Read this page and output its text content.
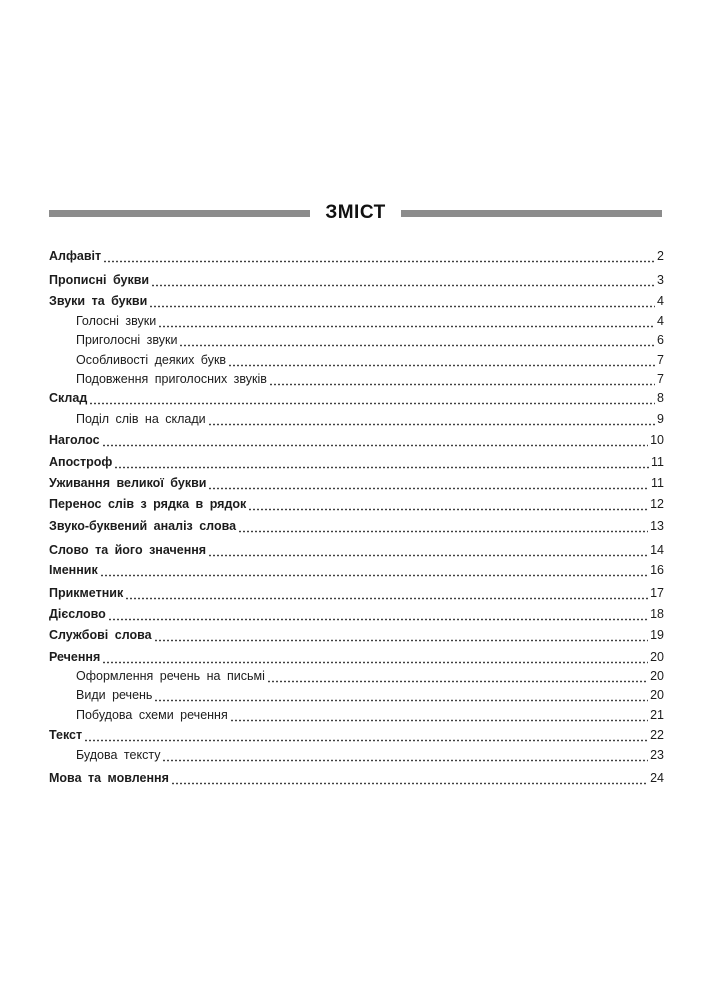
ЗМІСТ
Алфавіт	2
Прописні букви	3
Звуки та букви	4
Голосні звуки	4
Приголосні звуки	6
Особливості деяких букв	7
Подовження приголосних звуків	7
Склад	8
Поділ слів на склади	9
Наголос	10
Апостроф	11
Уживання великої букви	11
Перенос слів з рядка в рядок	12
Звуко-буквений аналіз слова	13
Слово та його значення	14
Іменник	16
Прикметник	17
Дієслово	18
Службові слова	19
Речення	20
Оформлення речень на письмі	20
Види речень	20
Побудова схеми речення	21
Текст	22
Будова тексту	23
Мова та мовлення	24
